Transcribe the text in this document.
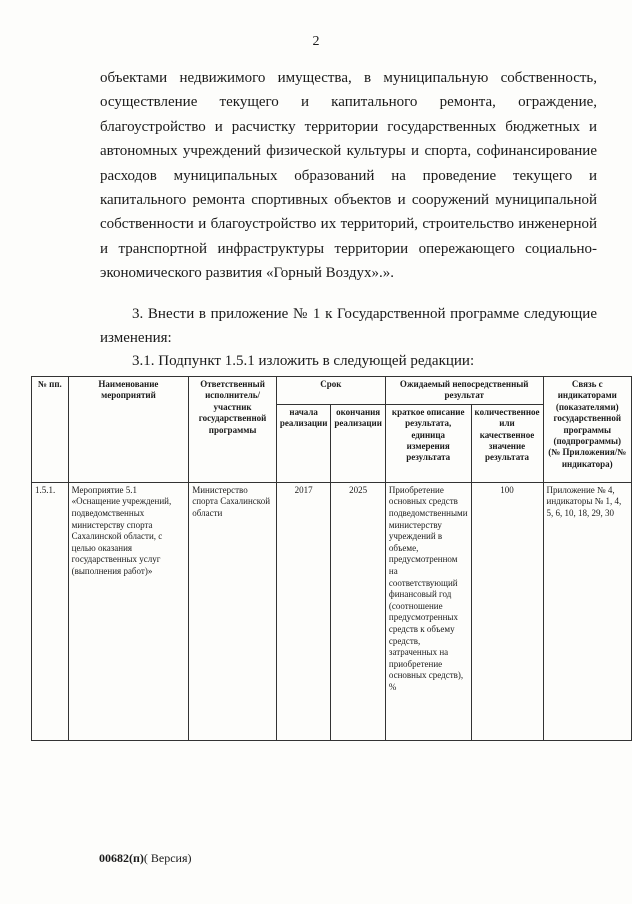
2
объектами недвижимого имущества, в муниципальную собственность,
осуществление текущего и капитального ремонта, ограждение,
благоустройство и расчистку территории государственных бюджетных и
автономных учреждений физической культуры и спорта, софинансирование
расходов муниципальных образований на проведение текущего и
капитального ремонта спортивных объектов и сооружений муниципальной
собственности и благоустройство их территорий, строительство инженерной
и транспортной инфраструктуры территории опережающего социально-
экономического развития «Горный Воздух».».
3. Внести в приложение № 1 к Государственной программе следующие изменения:
3.1. Подпункт 1.5.1 изложить в следующей редакции:
№ пп.	Наименование мероприятий	Ответственный исполнитель/участник государственной программы	Срок		Ожидаемый непосредственный результат		Связь с индикаторами (показателями) государственной программы (подпрограммы) (№ Приложения/№ индикатора)
			начала реализации	окончания реализации	краткое описание результата, единица измерения результата	количественное или качественное значение результата	
1.5.1.	Мероприятие 5.1 «Оснащение учреждений, подведомственных министерству спорта Сахалинской области, с целью оказания государственных услуг (выполнения работ)»	Министерство спорта Сахалинской области	2017	2025	Приобретение основных средств подведомственными министерству учреждений в объеме, предусмотренном на соответствующий финансовый год (соотношение предусмотренных средств к объему средств, затраченных на приобретение основных средств), %	100	Приложение № 4, индикаторы № 1, 4, 5, 6, 10, 18, 29, 30
00682(п)( Версия)
